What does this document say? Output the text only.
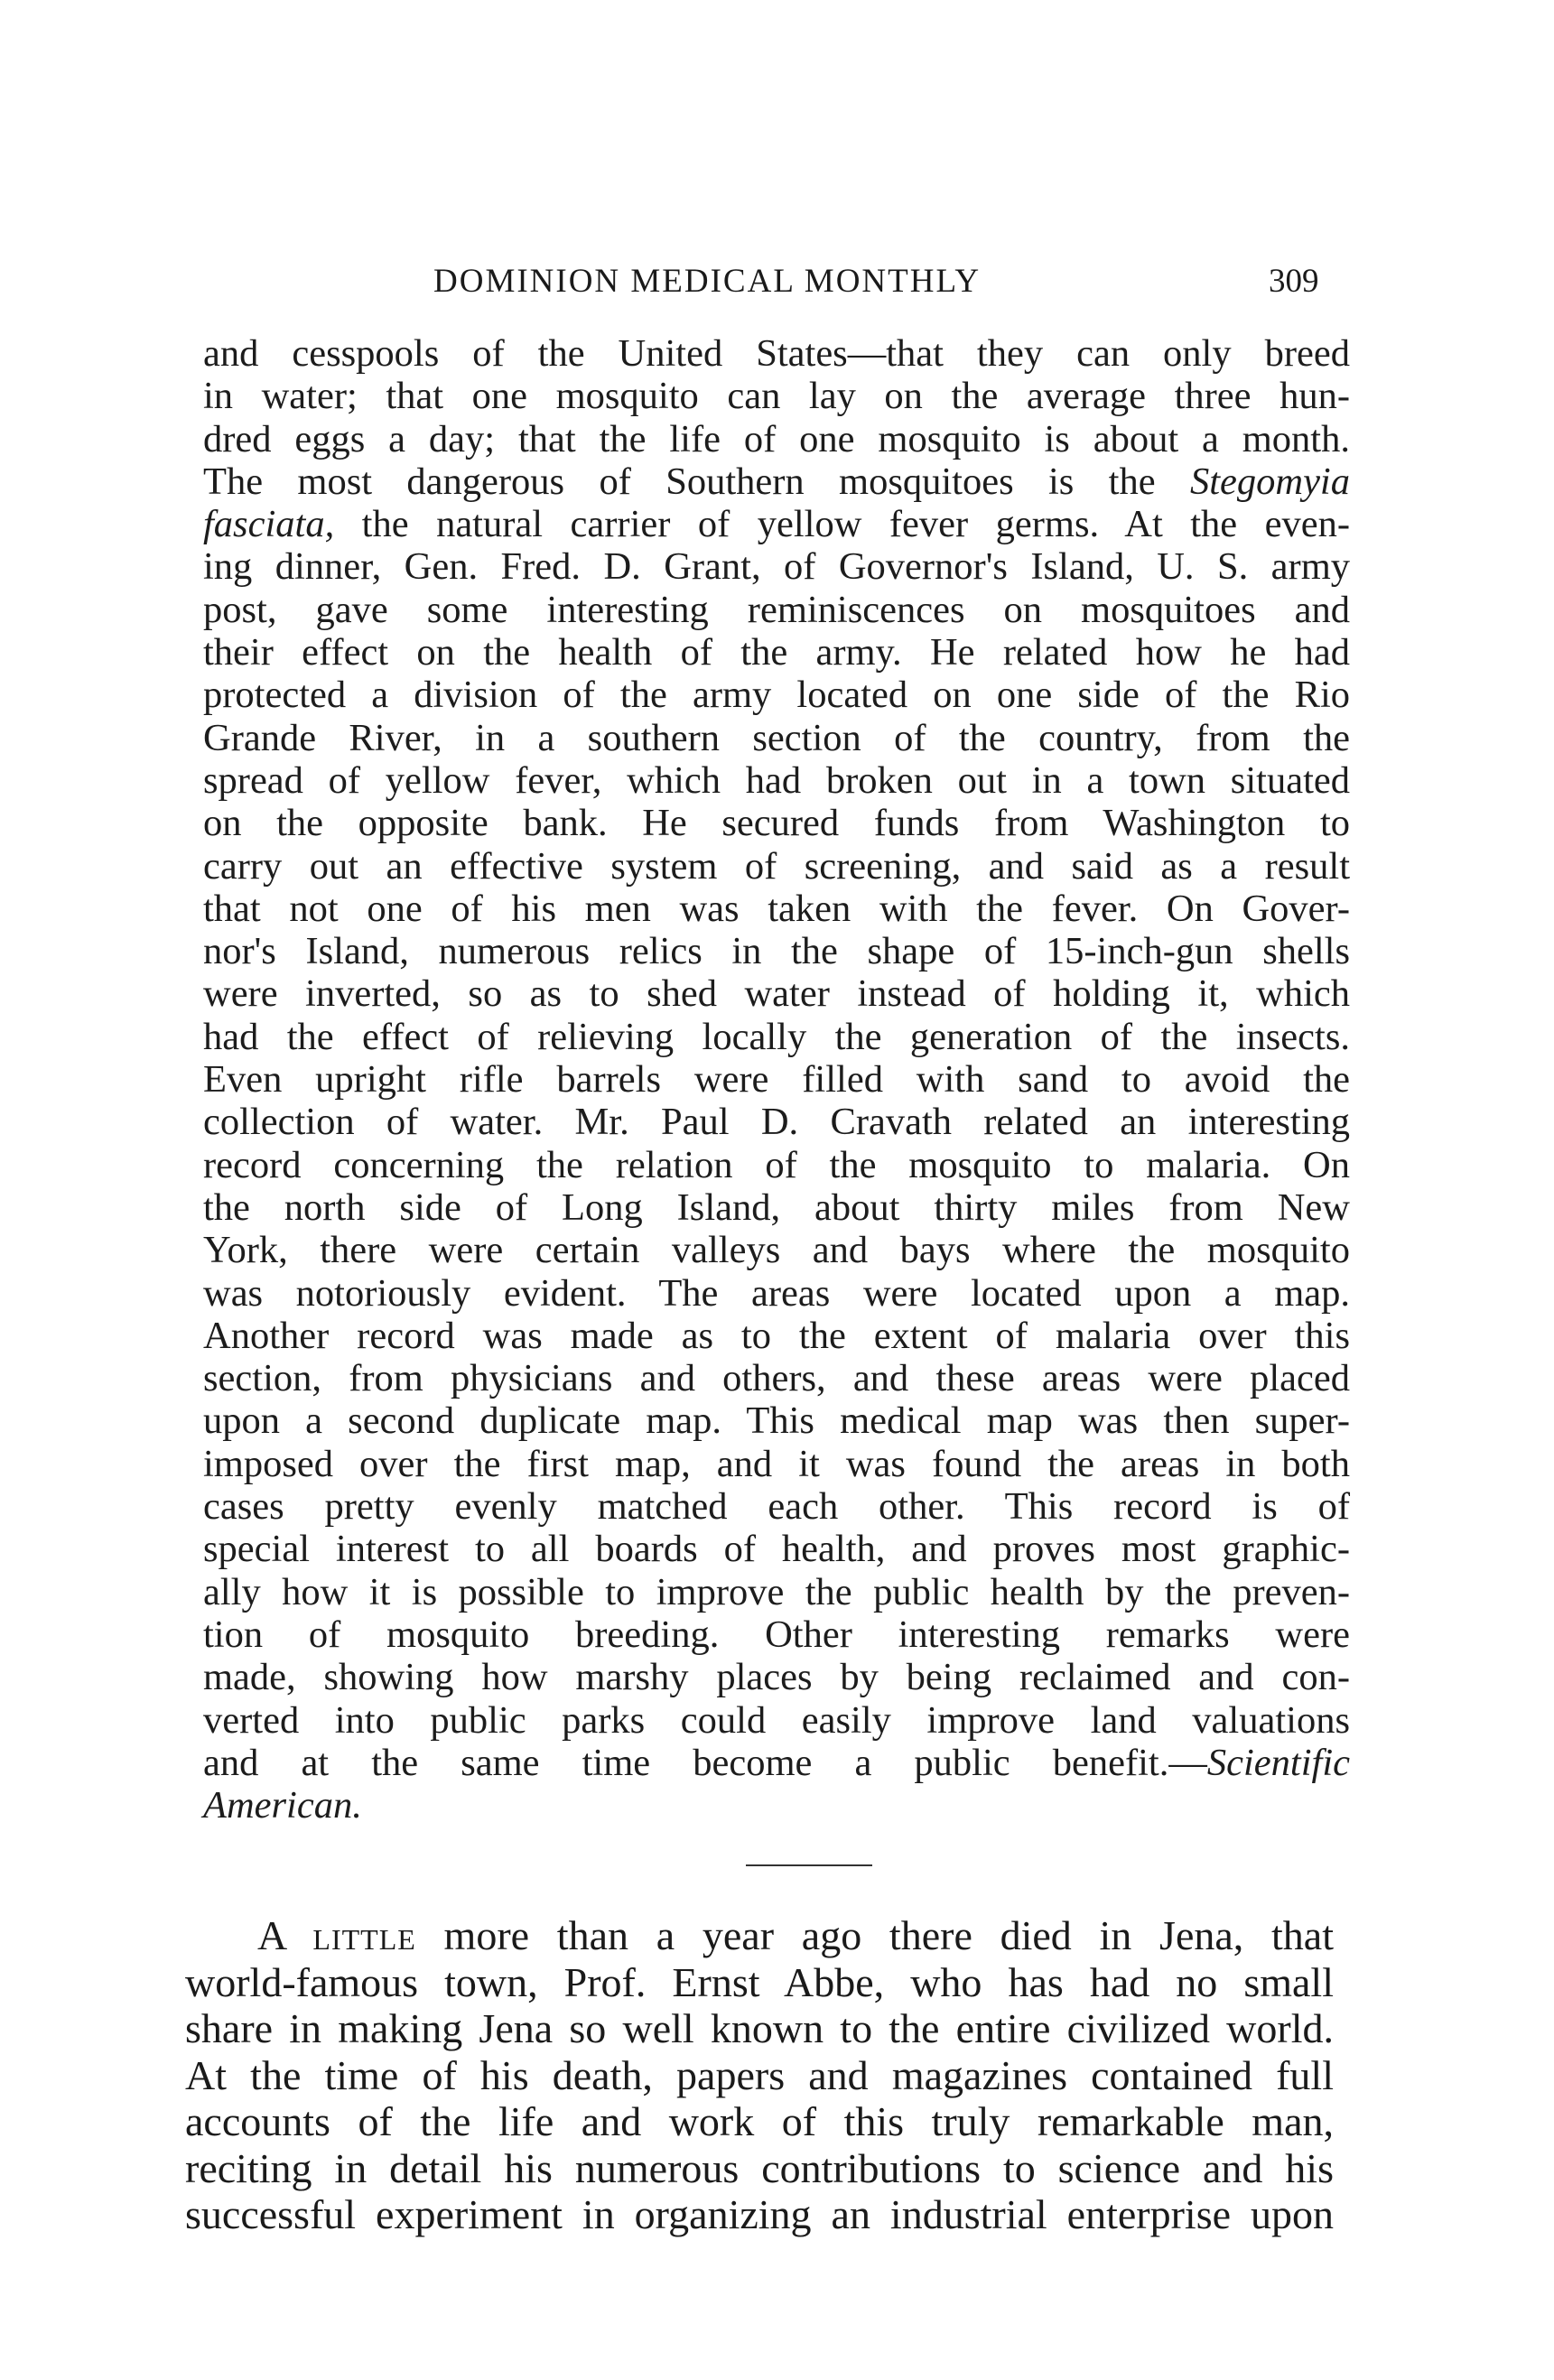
DOMINION MEDICAL MONTHLY	309
and cesspools of the United States—that they can only breed
in water; that one mosquito can lay on the average three hun-
dred eggs a day; that the life of one mosquito is about a month.
The most dangerous of Southern mosquitoes is the Stegomyia
fasciata, the natural carrier of yellow fever germs. At the even-
ing dinner, Gen. Fred. D. Grant, of Governor's Island, U. S. army
post, gave some interesting reminiscences on mosquitoes and
their effect on the health of the army. He related how he had
protected a division of the army located on one side of the Rio
Grande River, in a southern section of the country, from the
spread of yellow fever, which had broken out in a town situated
on the opposite bank. He secured funds from Washington to
carry out an effective system of screening, and said as a result
that not one of his men was taken with the fever. On Gover-
nor's Island, numerous relics in the shape of 15-inch-gun shells
were inverted, so as to shed water instead of holding it, which
had the effect of relieving locally the generation of the insects.
Even upright rifle barrels were filled with sand to avoid the
collection of water. Mr. Paul D. Cravath related an interesting
record concerning the relation of the mosquito to malaria. On
the north side of Long Island, about thirty miles from New
York, there were certain valleys and bays where the mosquito
was notoriously evident. The areas were located upon a map.
Another record was made as to the extent of malaria over this
section, from physicians and others, and these areas were placed
upon a second duplicate map. This medical map was then super-
imposed over the first map, and it was found the areas in both
cases pretty evenly matched each other. This record is of
special interest to all boards of health, and proves most graphic-
ally how it is possible to improve the public health by the preven-
tion of mosquito breeding. Other interesting remarks were
made, showing how marshy places by being reclaimed and con-
verted into public parks could easily improve land valuations
and at the same time become a public benefit.—Scientific
American.
A little more than a year ago there died in Jena, that
world-famous town, Prof. Ernst Abbe, who has had no small
share in making Jena so well known to the entire civilized world.
At the time of his death, papers and magazines contained full
accounts of the life and work of this truly remarkable man,
reciting in detail his numerous contributions to science and his
successful experiment in organizing an industrial enterprise upon
